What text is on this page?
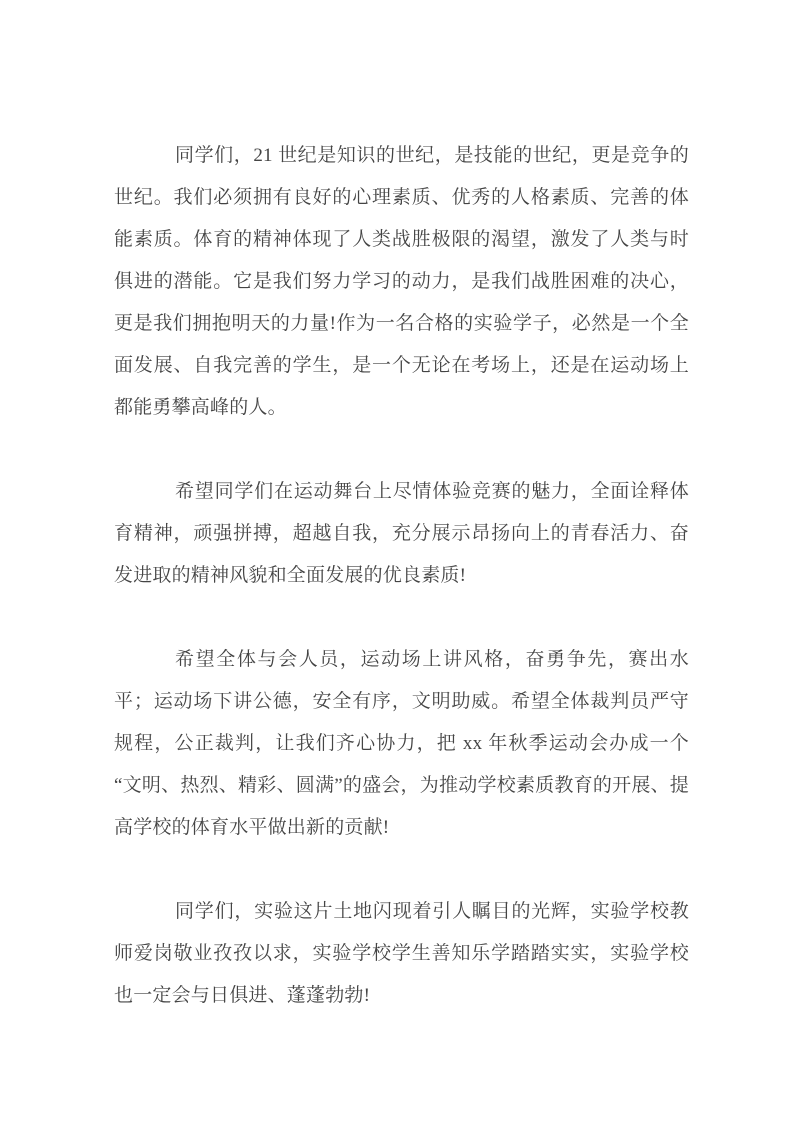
同学们，21 世纪是知识的世纪，是技能的世纪，更是竞争的世纪。我们必须拥有良好的心理素质、优秀的人格素质、完善的体能素质。体育的精神体现了人类战胜极限的渴望，激发了人类与时俱进的潜能。它是我们努力学习的动力，是我们战胜困难的决心，更是我们拥抱明天的力量!作为一名合格的实验学子，必然是一个全面发展、自我完善的学生，是一个无论在考场上，还是在运动场上都能勇攀高峰的人。

希望同学们在运动舞台上尽情体验竞赛的魅力，全面诠释体育精神，顽强拼搏，超越自我，充分展示昂扬向上的青春活力、奋发进取的精神风貌和全面发展的优良素质!

希望全体与会人员，运动场上讲风格，奋勇争先，赛出水平；运动场下讲公德，安全有序，文明助威。希望全体裁判员严守规程，公正裁判，让我们齐心协力，把 xx 年秋季运动会办成一个“文明、热烈、精彩、圆满”的盛会，为推动学校素质教育的开展、提高学校的体育水平做出新的贡献!

同学们，实验这片土地闪现着引人瞩目的光辉，实验学校教师爱岗敬业孜孜以求，实验学校学生善知乐学踏踏实实，实验学校也一定会与日俱进、蓬蓬勃勃!
